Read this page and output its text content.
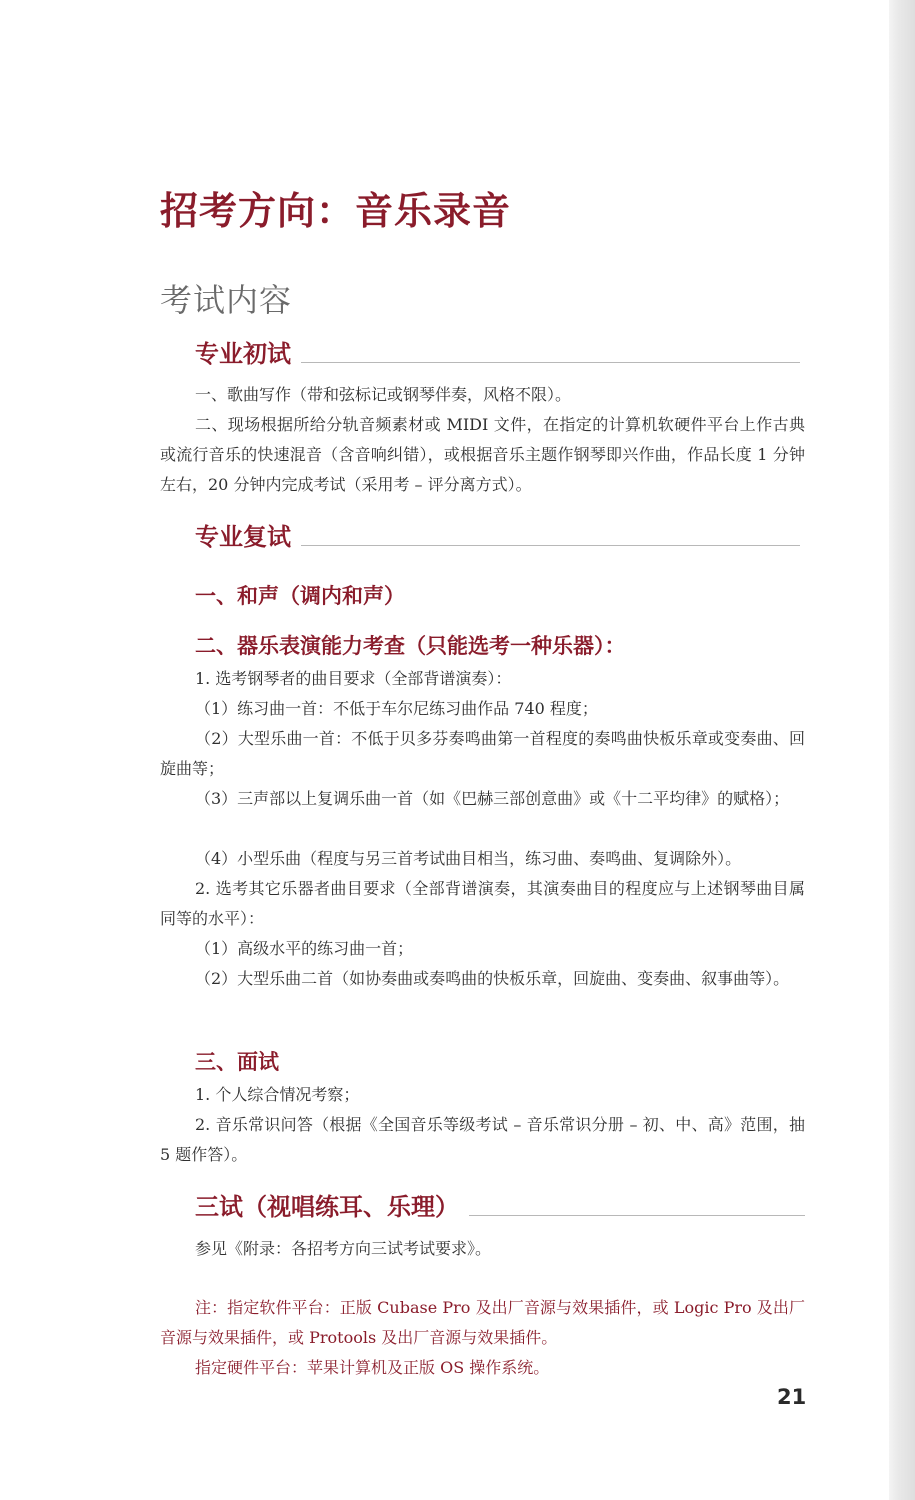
招考方向：音乐录音
考试内容
专业初试
一、歌曲写作（带和弦标记或钢琴伴奏，风格不限）。
二、现场根据所给分轨音频素材或 MIDI 文件，在指定的计算机软硬件平台上作古典或流行音乐的快速混音（含音响纠错），或根据音乐主题作钢琴即兴作曲，作品长度 1 分钟左右，20 分钟内完成考试（采用考 – 评分离方式）。
专业复试
一、和声（调内和声）
二、器乐表演能力考查（只能选考一种乐器）：
1. 选考钢琴者的曲目要求（全部背谱演奏）：
（1）练习曲一首：不低于车尔尼练习曲作品 740 程度；
（2）大型乐曲一首：不低于贝多芬奏鸣曲第一首程度的奏鸣曲快板乐章或变奏曲、回旋曲等；
（3）三声部以上复调乐曲一首（如《巴赫三部创意曲》或《十二平均律》的赋格）；
（4）小型乐曲（程度与另三首考试曲目相当，练习曲、奏鸣曲、复调除外）。
2. 选考其它乐器者曲目要求（全部背谱演奏，其演奏曲目的程度应与上述钢琴曲目属同等的水平）：
（1）高级水平的练习曲一首；
（2）大型乐曲二首（如协奏曲或奏鸣曲的快板乐章，回旋曲、变奏曲、叙事曲等）。
三、面试
1. 个人综合情况考察；
2. 音乐常识问答（根据《全国音乐等级考试 – 音乐常识分册 – 初、中、高》范围，抽 5 题作答）。
三试（视唱练耳、乐理）
参见《附录：各招考方向三试考试要求》。
注：指定软件平台：正版 Cubase Pro 及出厂音源与效果插件，或 Logic Pro 及出厂音源与效果插件，或 Protools 及出厂音源与效果插件。
指定硬件平台：苹果计算机及正版 OS 操作系统。
21
